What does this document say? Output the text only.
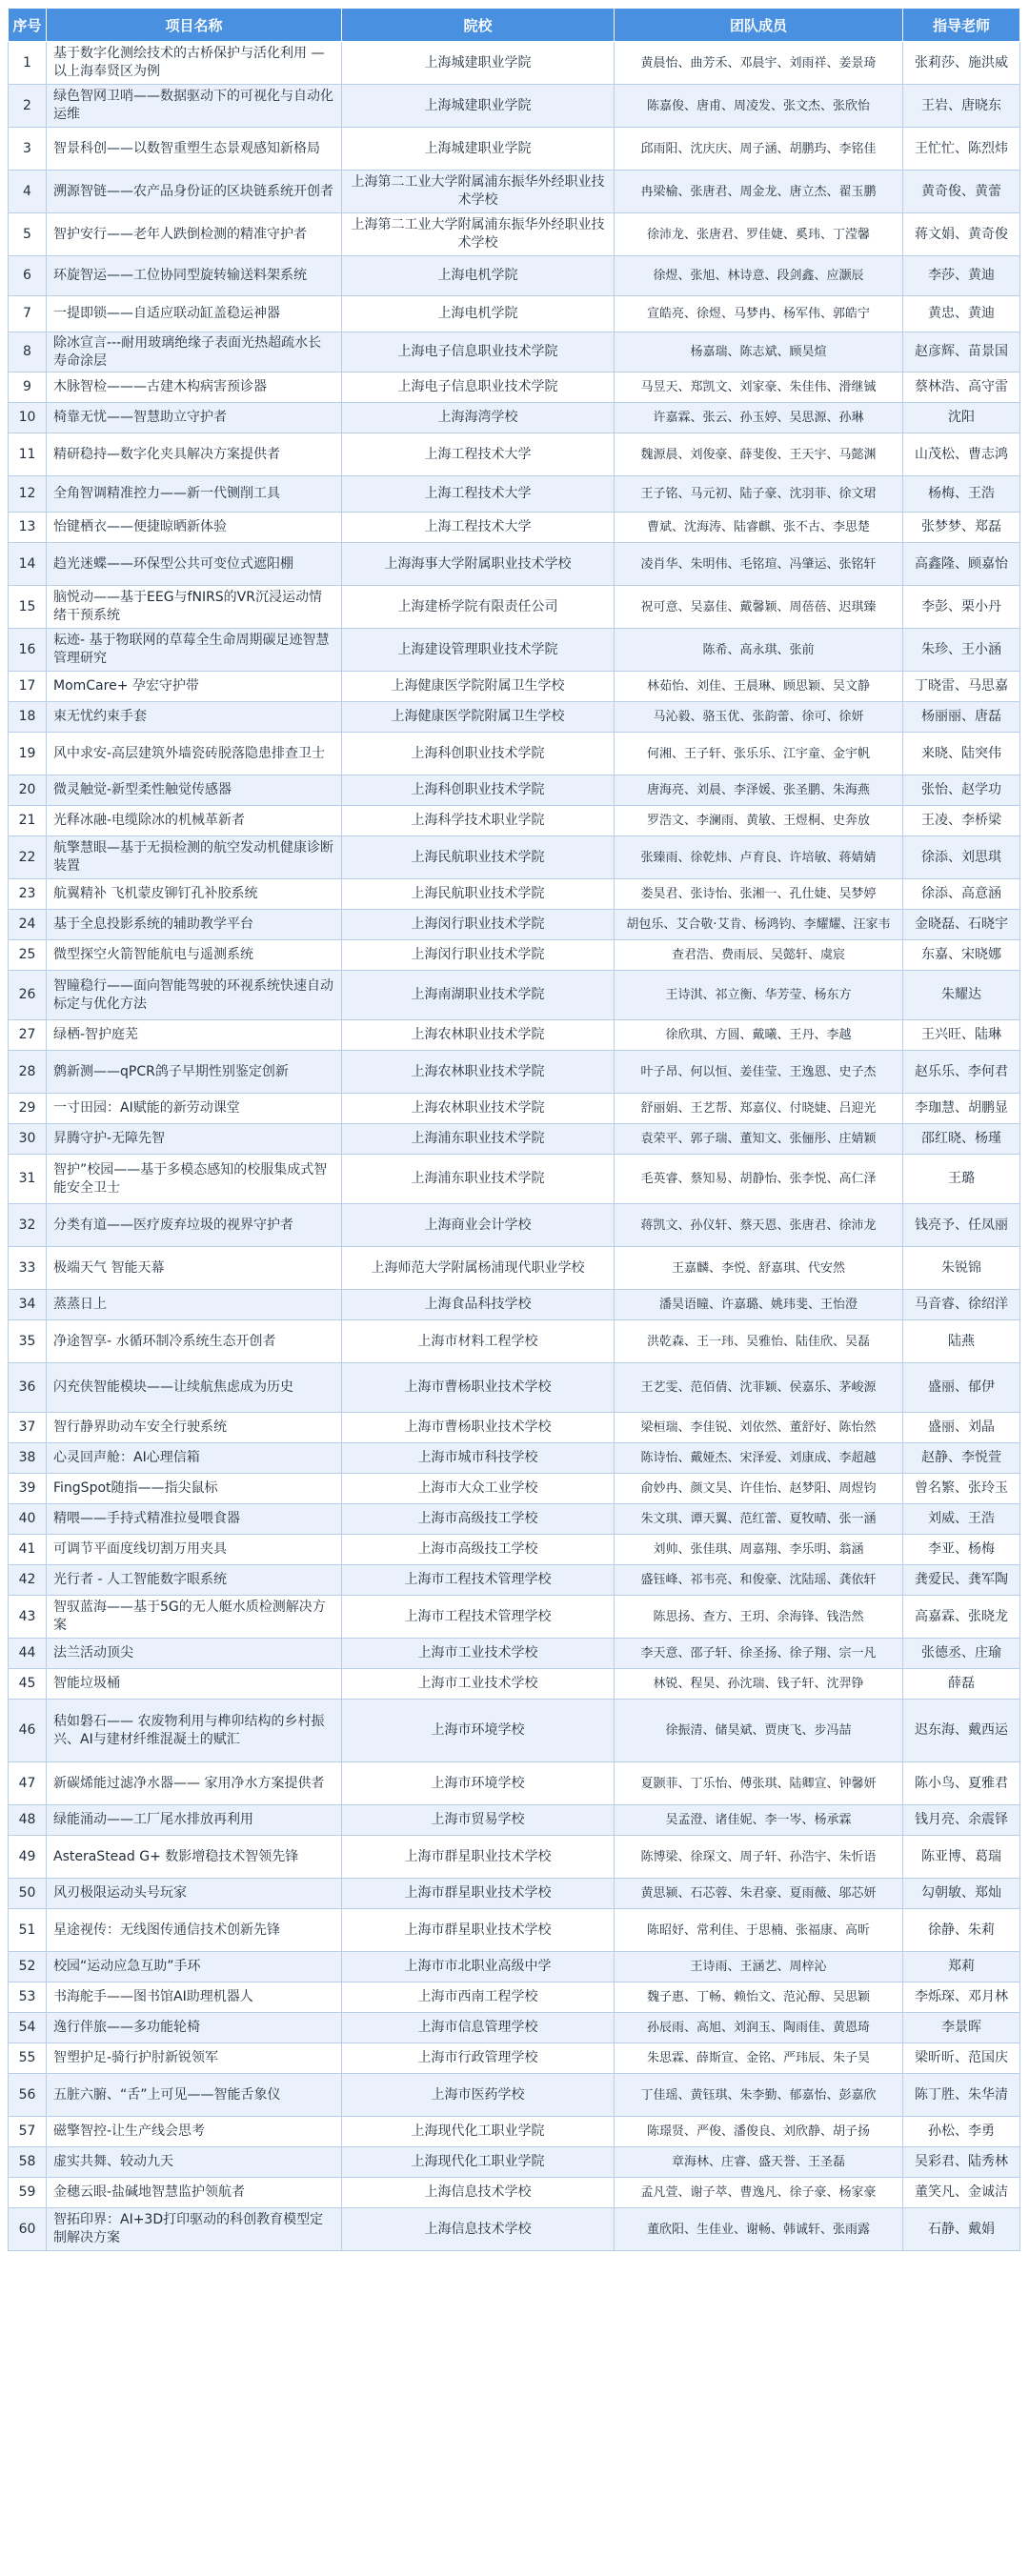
序号	项目名称	院校	团队成员	指导老师
1	基于数字化测绘技术的古桥保护与活化利用 —以上海奉贤区为例	上海城建职业学院	黄晨怡、曲芳禾、邓晨宇、刘雨祥、姜景琦	张莉莎、施洪威
2	绿色智网卫哨——数据驱动下的可视化与自动化运维	上海城建职业学院	陈嘉俊、唐甫、周凌发、张文杰、张欣怡	王岩、唐晓东
3	智景科创——以数智重塑生态景观感知新格局	上海城建职业学院	邱雨阳、沈庆庆、周子涵、胡鹏玙、李铭佳	王忙忙、陈烈炜
4	溯源智链——农产品身份证的区块链系统开创者	上海第二工业大学附属浦东振华外经职业技术学校	冉梁榆、张唐君、周金龙、唐立杰、翟玉鹏	黄奇俊、黄蕾
5	智护安行——老年人跌倒检测的精准守护者	上海第二工业大学附属浦东振华外经职业技术学校	徐沛龙、张唐君、罗佳婕、奚玮、丁滢馨	蒋文娟、黄奇俊
6	环旋智运——工位协同型旋转输送料架系统	上海电机学院	徐煜、张旭、林诗意、段剑鑫、应灏辰	李莎、黄迪
7	一提即锁——自适应联动缸盖稳运神器	上海电机学院	宣皓亮、徐煜、马梦冉、杨军伟、郭皓宁	黄忠、黄迪
8	除冰宣言---耐用玻璃绝缘子表面光热超疏水长寿命涂层	上海电子信息职业技术学院	杨嘉瑞、陈志斌、顾昊煊	赵彦辉、苗景国
9	木脉智检———古建木构病害预诊器	上海电子信息职业技术学院	马昱天、郑凯文、刘家豪、朱佳伟、滑继铖	蔡林浩、高守雷
10	椅靠无忧——智慧助立守护者	上海海湾学校	许嘉霖、张云、孙玉婷、吴思源、孙琳	沈阳
11	精研稳持—数字化夹具解决方案提供者	上海工程技术大学	魏源晨、刘俊豪、薛斐俊、王天宇、马懿渊	山茂松、曹志鸿
12	全角智调精准控力——新一代铡削工具	上海工程技术大学	王子铭、马元初、陆子豪、沈羽菲、徐文珺	杨梅、王浩
13	怡键栖衣——便捷晾晒新体验	上海工程技术大学	曹斌、沈海涛、陆睿麒、张不古、李思楚	张梦梦、郑磊
14	趋光迷蝶——环保型公共可变位式遮阳棚	上海海事大学附属职业技术学校	凌肖华、朱明伟、毛铭瑄、冯肇运、张铭轩	高鑫隆、顾嘉怡
15	脑悦动——基于EEG与fNIRS的VR沉浸运动情绪干预系统	上海建桥学院有限责任公司	祝可意、吴嘉佳、戴馨颖、周蓓蓓、迟琪臻	李彭、栗小丹
16	耘迹- 基于物联网的草莓全生命周期碳足迹智慧管理研究	上海建设管理职业技术学院	陈希、高永琪、张前	朱珍、王小涵
17	MomCare+ 孕宏守护带	上海健康医学院附属卫生学校	林茹怡、刘佳、王晨琳、顾思颖、吴文静	丁晓雷、马思嘉
18	束无忧约束手套	上海健康医学院附属卫生学校	马沁毅、骆玉优、张韵蕾、徐可、徐妍	杨丽丽、唐磊
19	风中求安-高层建筑外墙瓷砖脱落隐患排查卫士	上海科创职业技术学院	何湘、王子轩、张乐乐、江宇童、金宇帆	来晓、陆突伟
20	微灵触觉-新型柔性触觉传感器	上海科创职业技术学院	唐海亮、刘晨、李泽媛、张圣鹏、朱海燕	张怡、赵学功
21	光释冰融-电缆除冰的机械革新者	上海科学技术职业学院	罗浩文、李澜雨、黄敏、王煜桐、史奔放	王凌、李桥梁
22	航擎慧眼—基于无损检测的航空发动机健康诊断装置	上海民航职业技术学院	张臻雨、徐乾炜、卢育良、许培敏、蒋婧婧	徐添、刘思琪
23	航翼精补 飞机蒙皮铆钉孔补胶系统	上海民航职业技术学院	娄昊君、张诗怡、张湘一、孔仕婕、吴梦婷	徐添、高意涵
24	基于全息投影系统的辅助教学平台	上海闵行职业技术学院	胡包乐、艾合敬·艾肯、杨鸿钧、李耀耀、汪家韦	金晓磊、石晓宇
25	微型探空火箭智能航电与遥测系统	上海闵行职业技术学院	查君浩、费雨辰、吴懿轩、虞宸	东嘉、宋晓娜
26	智瞳稳行——面向智能驾驶的环视系统快速自动标定与优化方法	上海南湖职业技术学院	王诗淇、祁立衡、华芳莹、杨东方	朱耀达
27	绿栖-智护庭芜	上海农林职业技术学院	徐欣琪、方圆、戴曦、王丹、李越	王兴旺、陆琳
28	鹩新测——qPCR鸽子早期性别鉴定创新	上海农林职业技术学院	叶子昂、何以恒、姜佳莹、王逸恩、史子杰	赵乐乐、李何君
29	一寸田园：AI赋能的新劳动课堂	上海农林职业技术学院	舒丽娟、王艺帮、郑嘉仪、付晓婕、吕迎光	李珈慧、胡鹏显
30	昇腾守护-无障先智	上海浦东职业技术学院	袁荣平、郭子瑞、董知文、张俪彤、庄婧颖	邵红晓、杨瑾
31	智护”校园——基于多模态感知的校服集成式智能安全卫士	上海浦东职业技术学院	毛英睿、蔡知易、胡静怡、张李悦、高仁泽	王璐
32	分类有道——医疗废弃垃圾的视界守护者	上海商业会计学校	蒋凯文、孙仪轩、蔡天恩、张唐君、徐沛龙	钱亮予、任凤丽
33	极端天气 智能天幕	上海师范大学附属杨浦现代职业学校	王嘉麟、李悦、舒嘉琪、代安然	朱锐锦
34	蒸蒸日上	上海食品科技学校	潘昊语瞳、许嘉璐、姚玮斐、王怡澄	马音睿、徐绍洋
35	净途智享- 水循环制冷系统生态开创者	上海市材料工程学校	洪乾森、王一玮、吴雅怡、陆佳欣、吴磊	陆燕
36	闪充侠智能模块——让续航焦虑成为历史	上海市曹杨职业技术学校	王艺雯、范佰倩、沈菲颖、侯嘉乐、茅峻源	盛丽、郁伊
37	智行静界助动车安全行驶系统	上海市曹杨职业技术学校	梁桓瑞、李佳锐、刘依然、董舒好、陈怡然	盛丽、刘晶
38	心灵回声舱：AI心理信箱	上海市城市科技学校	陈诗怡、戴娅杰、宋泽爱、刘康成、李超越	赵静、李悦萱
39	FingSpot随指——指尖鼠标	上海市大众工业学校	俞妙冉、颜文昊、许佳怡、赵梦阳、周煜钧	曾名繁、张玲玉
40	精喂——手持式精准拉曼喂食器	上海市高级技工学校	朱文琪、谭天翼、范红蕾、夏牧晴、张一涵	刘威、王浩
41	可调节平面度线切割万用夹具	上海市高级技工学校	刘帅、张佳琪、周嘉翔、李乐明、翁涵	李亚、杨梅
42	光行者 - 人工智能数字眼系统	上海市工程技术管理学校	盛钰峰、祁韦亮、和俊豪、沈陆瑶、龚依轩	龚爱民、龚军陶
43	智驭蓝海——基于5G的无人艇水质检测解决方案	上海市工程技术管理学校	陈思扬、查方、王玥、余海锋、钱浩然	高嘉霖、张晓龙
44	法兰活动顶尖	上海市工业技术学校	李天意、邵子轩、徐圣扬、徐子翔、宗一凡	张德丞、庄瑜
45	智能垃圾桶	上海市工业技术学校	林锐、程昊、孙沈瑞、钱子轩、沈羿铮	薛磊
46	秸如磐石—— 农废物利用与榫卯结构的乡村振兴、AI与建材纤维混凝土的赋汇	上海市环境学校	徐振清、储昊斌、贾庚飞、步冯喆	迟东海、戴西运
47	新碳烯能过滤净水器—— 家用净水方案提供者	上海市环境学校	夏颢菲、丁乐怡、傅张琪、陆卿宣、钟馨妍	陈小鸟、夏雅君
48	绿能涌动——工厂尾水排放再利用	上海市贸易学校	吴孟澄、诸佳妮、李一岑、杨承霖	钱月亮、余震铎
49	AsteraStead G+ 数影增稳技术智领先锋	上海市群星职业技术学校	陈博梁、徐琛文、周子轩、孙浩宇、朱忻语	陈亚博、葛瑞
50	风刃极限运动头号玩家	上海市群星职业技术学校	黄思颍、石芯蓉、朱君豪、夏雨薇、邬芯妍	勾朝敏、郑灿
51	星途视传：无线图传通信技术创新先锋	上海市群星职业技术学校	陈昭妤、常利佳、于思楠、张福康、高昕	徐静、朱莉
52	校园“运动应急互助”手环	上海市市北职业高级中学	王诗雨、王涵艺、周梓沁	郑莉
53	书海舵手——图书馆AI助理机器人	上海市西南工程学校	魏子惠、丁畅、赖怡文、范沁醇、吴思颖	李烁琛、邓月林
54	逸行伴旅——多功能轮椅	上海市信息管理学校	孙辰雨、高旭、刘润玉、陶雨佳、黄恩琦	李景晖
55	智塑护足-骑行护肘新锐领军	上海市行政管理学校	朱思霖、薛斯宣、金铭、严玮辰、朱子昊	梁昕昕、范国庆
56	五脏六腑、“舌”上可见——智能舌象仪	上海市医药学校	丁佳瑶、黄钰琪、朱李勤、郁嘉怡、彭嘉欣	陈丁胜、朱华清
57	磁擎智控-让生产线会思考	上海现代化工职业学院	陈璟贤、严俊、潘俊良、刘欣静、胡子扬	孙松、李勇
58	虚实共舞、较动九天	上海现代化工职业学院	章海林、庄睿、盛天誉、王圣磊	吴彩君、陆秀林
59	金穗云眼-盐碱地智慧监护领航者	上海信息技术学校	孟凡萱、谢子萃、曹逸凡、徐子豪、杨家豪	董笑凡、金诚洁
60	智拓印界：AI+3D打印驱动的科创教育模型定制解决方案	上海信息技术学校	董欣阳、生佳业、谢畅、韩诚轩、张雨露	石静、戴娟
